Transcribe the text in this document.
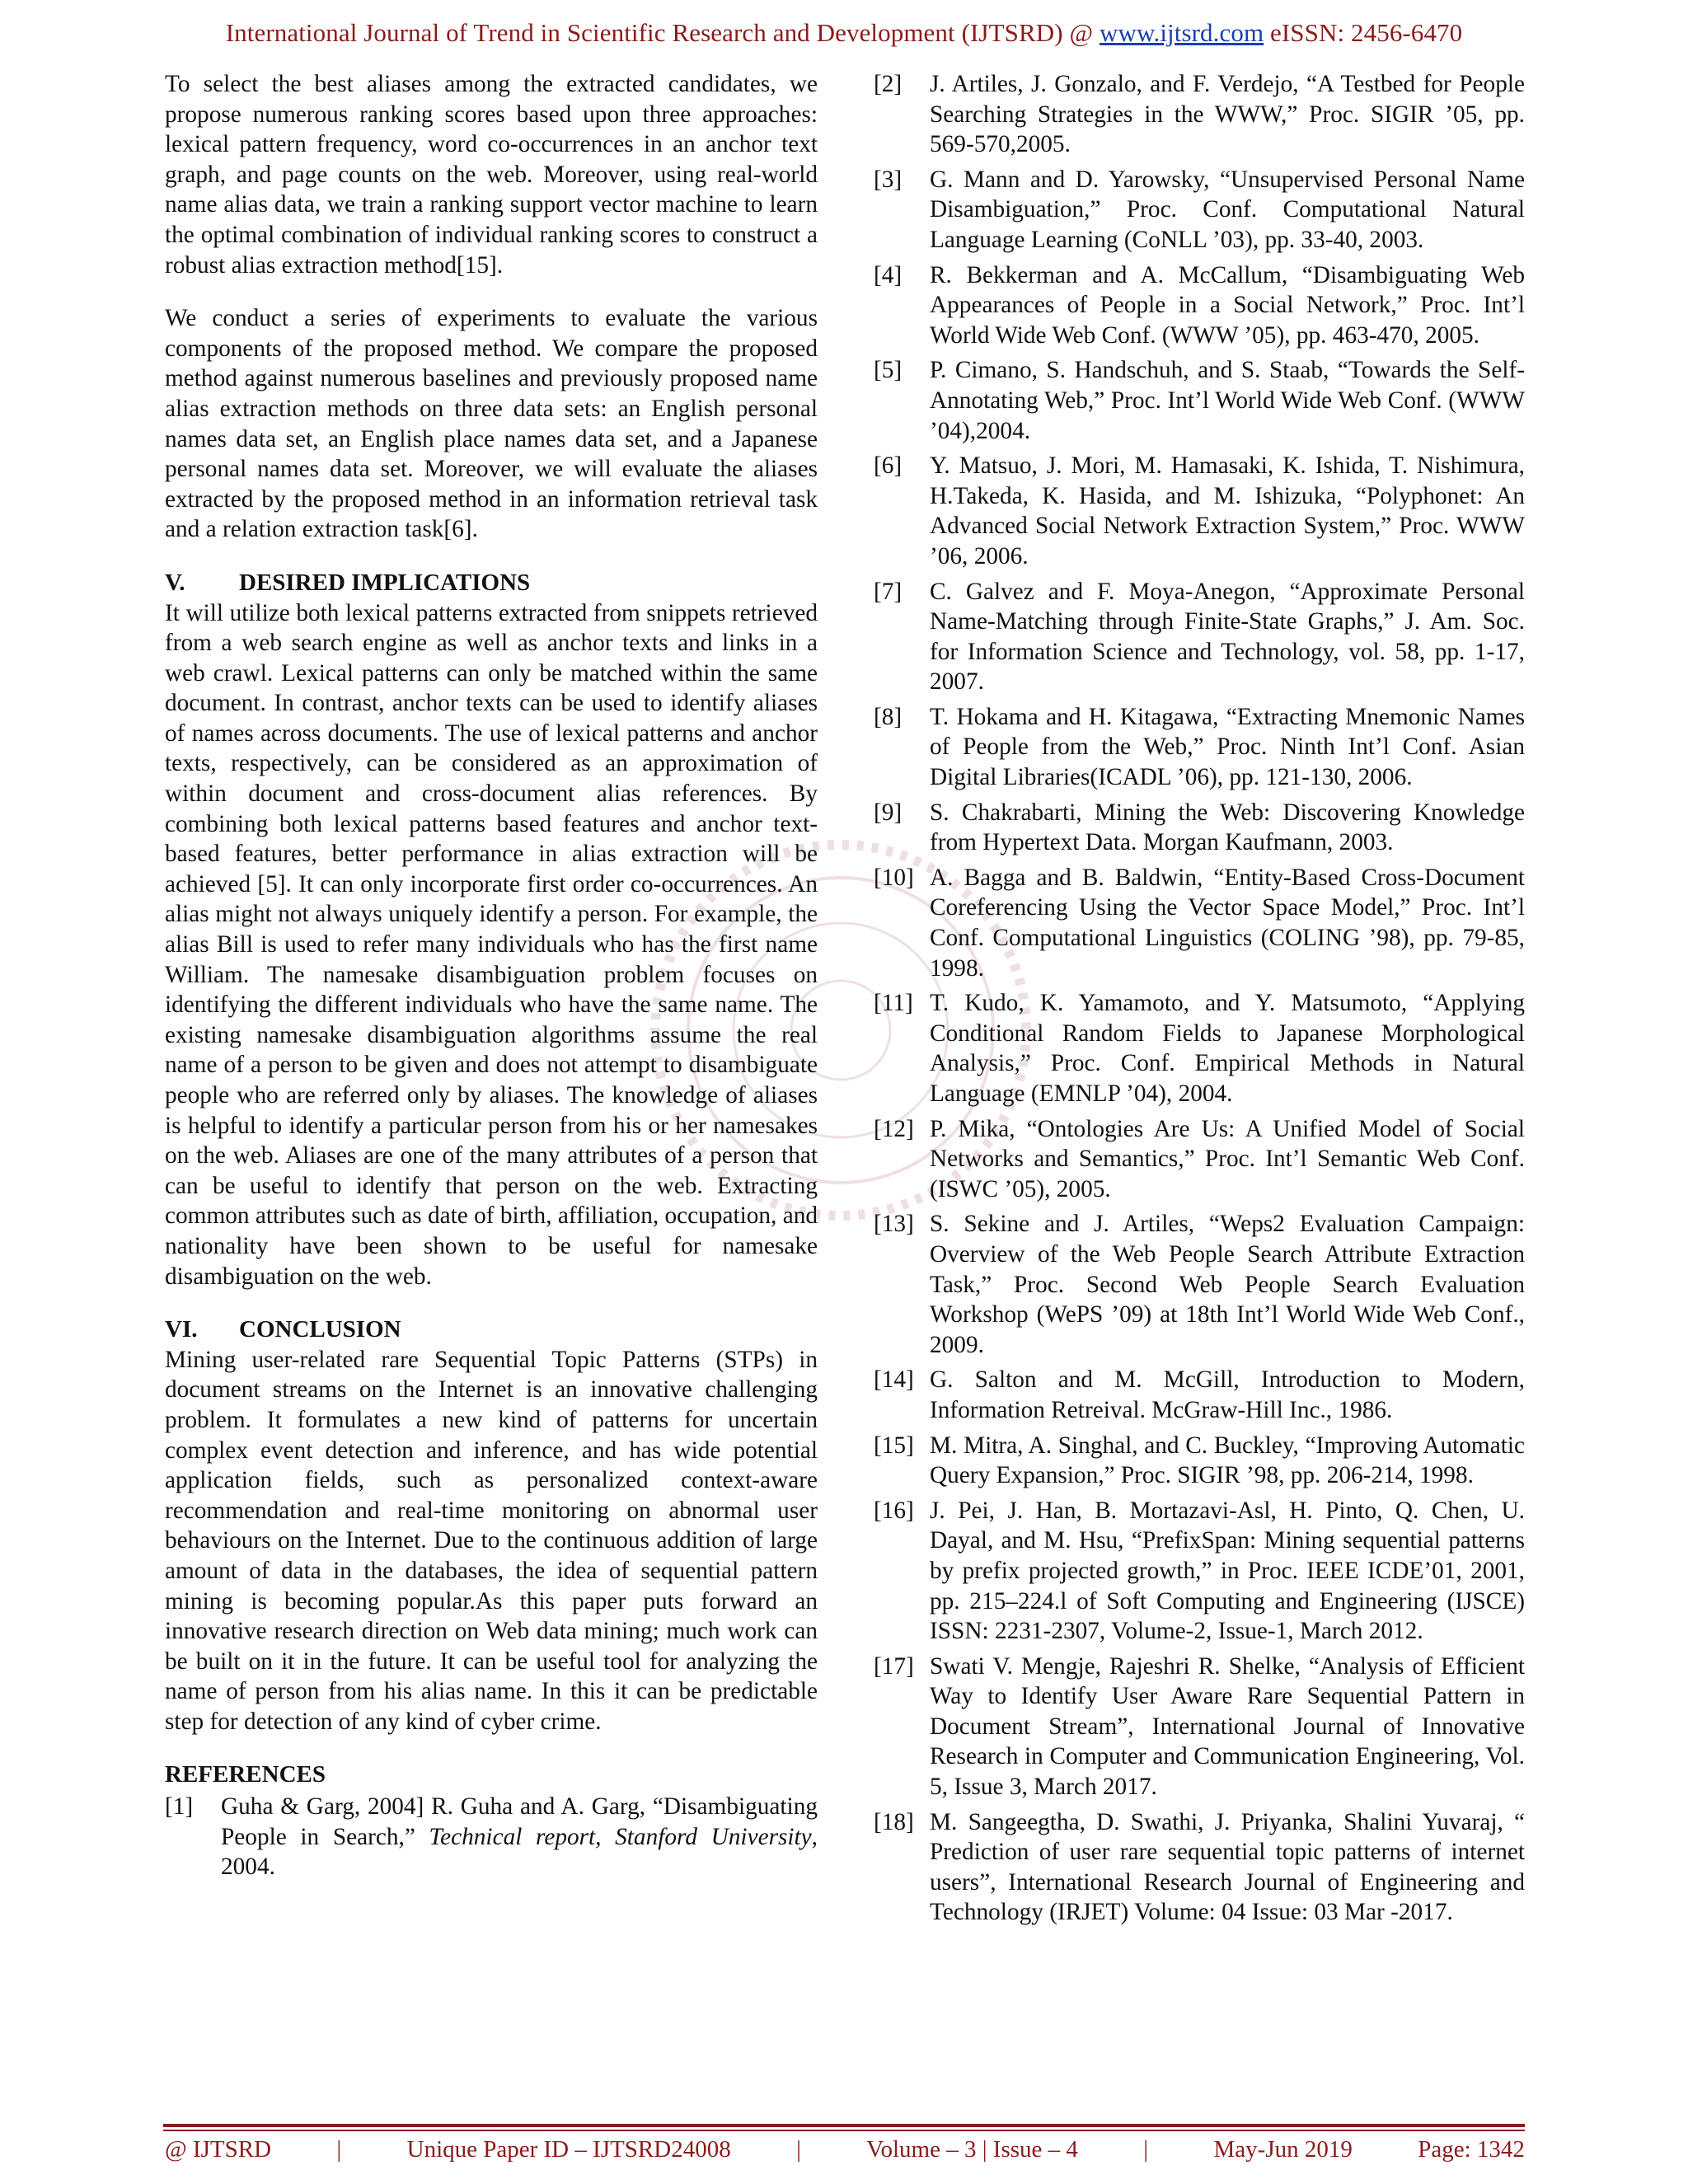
International Journal of Trend in Scientific Research and Development (IJTSRD) @ www.ijtsrd.com eISSN: 2456-6470

To select the best aliases among the extracted candidates, we propose numerous ranking scores based upon three approaches: lexical pattern frequency, word co-occurrences in an anchor text graph, and page counts on the web. Moreover, using real-world name alias data, we train a ranking support vector machine to learn the optimal combination of individual ranking scores to construct a robust alias extraction method[15].

We conduct a series of experiments to evaluate the various components of the proposed method. We compare the proposed method against numerous baselines and previously proposed name alias extraction methods on three data sets: an English personal names data set, an English place names data set, and a Japanese personal names data set. Moreover, we will evaluate the aliases extracted by the proposed method in an information retrieval task and a relation extraction task[6].

V. DESIRED IMPLICATIONS

It will utilize both lexical patterns extracted from snippets retrieved from a web search engine as well as anchor texts and links in a web crawl. Lexical patterns can only be matched within the same document. In contrast, anchor texts can be used to identify aliases of names across documents. The use of lexical patterns and anchor texts, respectively, can be considered as an approximation of within document and cross-document alias references. By combining both lexical patterns based features and anchor text-based features, better performance in alias extraction will be achieved [5]. It can only incorporate first order co-occurrences. An alias might not always uniquely identify a person. For example, the alias Bill is used to refer many individuals who has the first name William. The namesake disambiguation problem focuses on identifying the different individuals who have the same name. The existing namesake disambiguation algorithms assume the real name of a person to be given and does not attempt to disambiguate people who are referred only by aliases. The knowledge of aliases is helpful to identify a particular person from his or her namesakes on the web. Aliases are one of the many attributes of a person that can be useful to identify that person on the web. Extracting common attributes such as date of birth, affiliation, occupation, and nationality have been shown to be useful for namesake disambiguation on the web.

VI. CONCLUSION

Mining user-related rare Sequential Topic Patterns (STPs) in document streams on the Internet is an innovative challenging problem. It formulates a new kind of patterns for uncertain complex event detection and inference, and has wide potential application fields, such as personalized context-aware recommendation and real-time monitoring on abnormal user behaviours on the Internet. Due to the continuous addition of large amount of data in the databases, the idea of sequential pattern mining is becoming popular.As this paper puts forward an innovative research direction on Web data mining; much work can be built on it in the future. It can be useful tool for analyzing the name of person from his alias name. In this it can be predictable step for detection of any kind of cyber crime.

REFERENCES
[1] Guha & Garg, 2004] R. Guha and A. Garg, “Disambiguating People in Search,” Technical report, Stanford University, 2004.
[2] J. Artiles, J. Gonzalo, and F. Verdejo, “A Testbed for People Searching Strategies in the WWW,” Proc. SIGIR ’05, pp. 569-570,2005.
[3] G. Mann and D. Yarowsky, “Unsupervised Personal Name Disambiguation,” Proc. Conf. Computational Natural Language Learning (CoNLL ’03), pp. 33-40, 2003.
[4] R. Bekkerman and A. McCallum, “Disambiguating Web Appearances of People in a Social Network,” Proc. Int’l World Wide Web Conf. (WWW ’05), pp. 463-470, 2005.
[5] P. Cimano, S. Handschuh, and S. Staab, “Towards the Self-Annotating Web,” Proc. Int’l World Wide Web Conf. (WWW ’04),2004.
[6] Y. Matsuo, J. Mori, M. Hamasaki, K. Ishida, T. Nishimura, H.Takeda, K. Hasida, and M. Ishizuka, “Polyphonet: An Advanced Social Network Extraction System,” Proc. WWW ’06, 2006.
[7] C. Galvez and F. Moya-Anegon, “Approximate Personal Name-Matching through Finite-State Graphs,” J. Am. Soc. for Information Science and Technology, vol. 58, pp. 1-17, 2007.
[8] T. Hokama and H. Kitagawa, “Extracting Mnemonic Names of People from the Web,” Proc. Ninth Int’l Conf. Asian Digital Libraries(ICADL ’06), pp. 121-130, 2006.
[9] S. Chakrabarti, Mining the Web: Discovering Knowledge from Hypertext Data. Morgan Kaufmann, 2003.
[10] A. Bagga and B. Baldwin, “Entity-Based Cross-Document Coreferencing Using the Vector Space Model,” Proc. Int’l Conf. Computational Linguistics (COLING ’98), pp. 79-85, 1998.
[11] T. Kudo, K. Yamamoto, and Y. Matsumoto, “Applying Conditional Random Fields to Japanese Morphological Analysis,” Proc. Conf. Empirical Methods in Natural Language (EMNLP ’04), 2004.
[12] P. Mika, “Ontologies Are Us: A Unified Model of Social Networks and Semantics,” Proc. Int’l Semantic Web Conf. (ISWC ’05), 2005.
[13] S. Sekine and J. Artiles, “Weps2 Evaluation Campaign: Overview of the Web People Search Attribute Extraction Task,” Proc. Second Web People Search Evaluation Workshop (WePS ’09) at 18th Int’l World Wide Web Conf., 2009.
[14] G. Salton and M. McGill, Introduction to Modern, Information Retreival. McGraw-Hill Inc., 1986.
[15] M. Mitra, A. Singhal, and C. Buckley, “Improving Automatic Query Expansion,” Proc. SIGIR ’98, pp. 206-214, 1998.
[16] J. Pei, J. Han, B. Mortazavi-Asl, H. Pinto, Q. Chen, U. Dayal, and M. Hsu, “PrefixSpan: Mining sequential patterns by prefix projected growth,” in Proc. IEEE ICDE’01, 2001, pp. 215–224.l of Soft Computing and Engineering (IJSCE) ISSN: 2231-2307, Volume-2, Issue-1, March 2012.
[17] Swati V. Mengje, Rajeshri R. Shelke, “Analysis of Efficient Way to Identify User Aware Rare Sequential Pattern in Document Stream”, International Journal of Innovative Research in Computer and Communication Engineering, Vol. 5, Issue 3, March 2017.
[18] M. Sangeegtha, D. Swathi, J. Priyanka, Shalini Yuvaraj, “ Prediction of user rare sequential topic patterns of internet users”, International Research Journal of Engineering and Technology (IRJET) Volume: 04 Issue: 03 Mar -2017.
@ IJTSRD	|	Unique Paper ID – IJTSRD24008	|	Volume – 3 | Issue – 4	|	May-Jun 2019	Page: 1342
